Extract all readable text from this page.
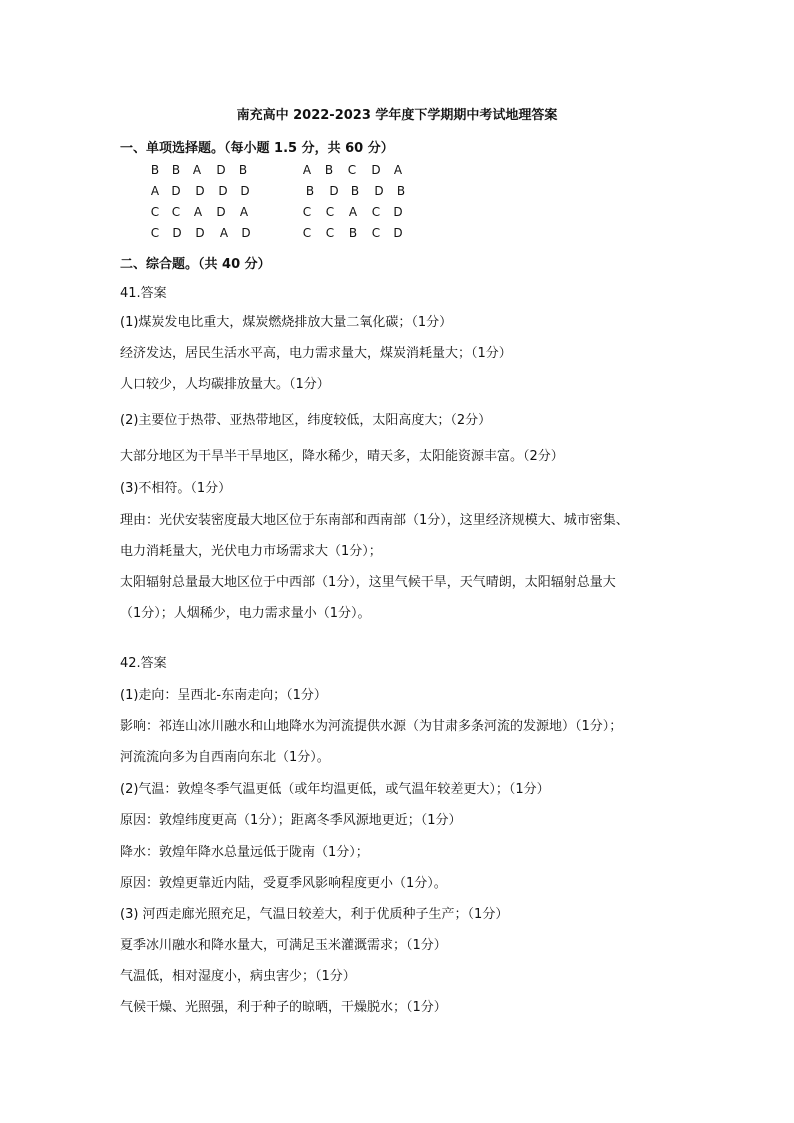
南充高中 2022-2023 学年度下学期期中考试地理答案
一、单项选择题。（每小题 1.5 分，共 60 分）
B B A D B	A B C D A
A D D D D	B D B D B
C C A D A	C C A C D
C D D A D	C C B C D
二、综合题。（共 40 分）
41.答案
(1)煤炭发电比重大，煤炭燃烧排放大量二氧化碳；（1分）
经济发达，居民生活水平高，电力需求量大，煤炭消耗量大；（1分）
人口较少，人均碳排放量大。（1分）
(2)主要位于热带、亚热带地区，纬度较低，太阳高度大；（2分）
大部分地区为干旱半干旱地区，降水稀少，晴天多，太阳能资源丰富。（2分）
(3)不相符。（1分）
理由：光伏安装密度最大地区位于东南部和西南部（1分），这里经济规模大、城市密集、
电力消耗量大，光伏电力市场需求大（1分）；
太阳辐射总量最大地区位于中西部（1分），这里气候干旱，天气晴朗，太阳辐射总量大
（1分）；人烟稀少，电力需求量小（1分）。
42.答案
(1)走向：呈西北-东南走向；（1分）
影响：祁连山冰川融水和山地降水为河流提供水源（为甘肃多条河流的发源地）（1分）；
河流流向多为自西南向东北（1分）。
(2)气温：敦煌冬季气温更低（或年均温更低，或气温年较差更大）；（1分）
原因：敦煌纬度更高（1分）；距离冬季风源地更近；（1分）
降水：敦煌年降水总量远低于陇南（1分）；
原因：敦煌更靠近内陆，受夏季风影响程度更小（1分）。
(3) 河西走廊光照充足，气温日较差大，利于优质种子生产；（1分）
夏季冰川融水和降水量大，可满足玉米灌溉需求；（1分）
气温低，相对湿度小，病虫害少；（1分）
气候干燥、光照强，利于种子的晾晒，干燥脱水；（1分）
